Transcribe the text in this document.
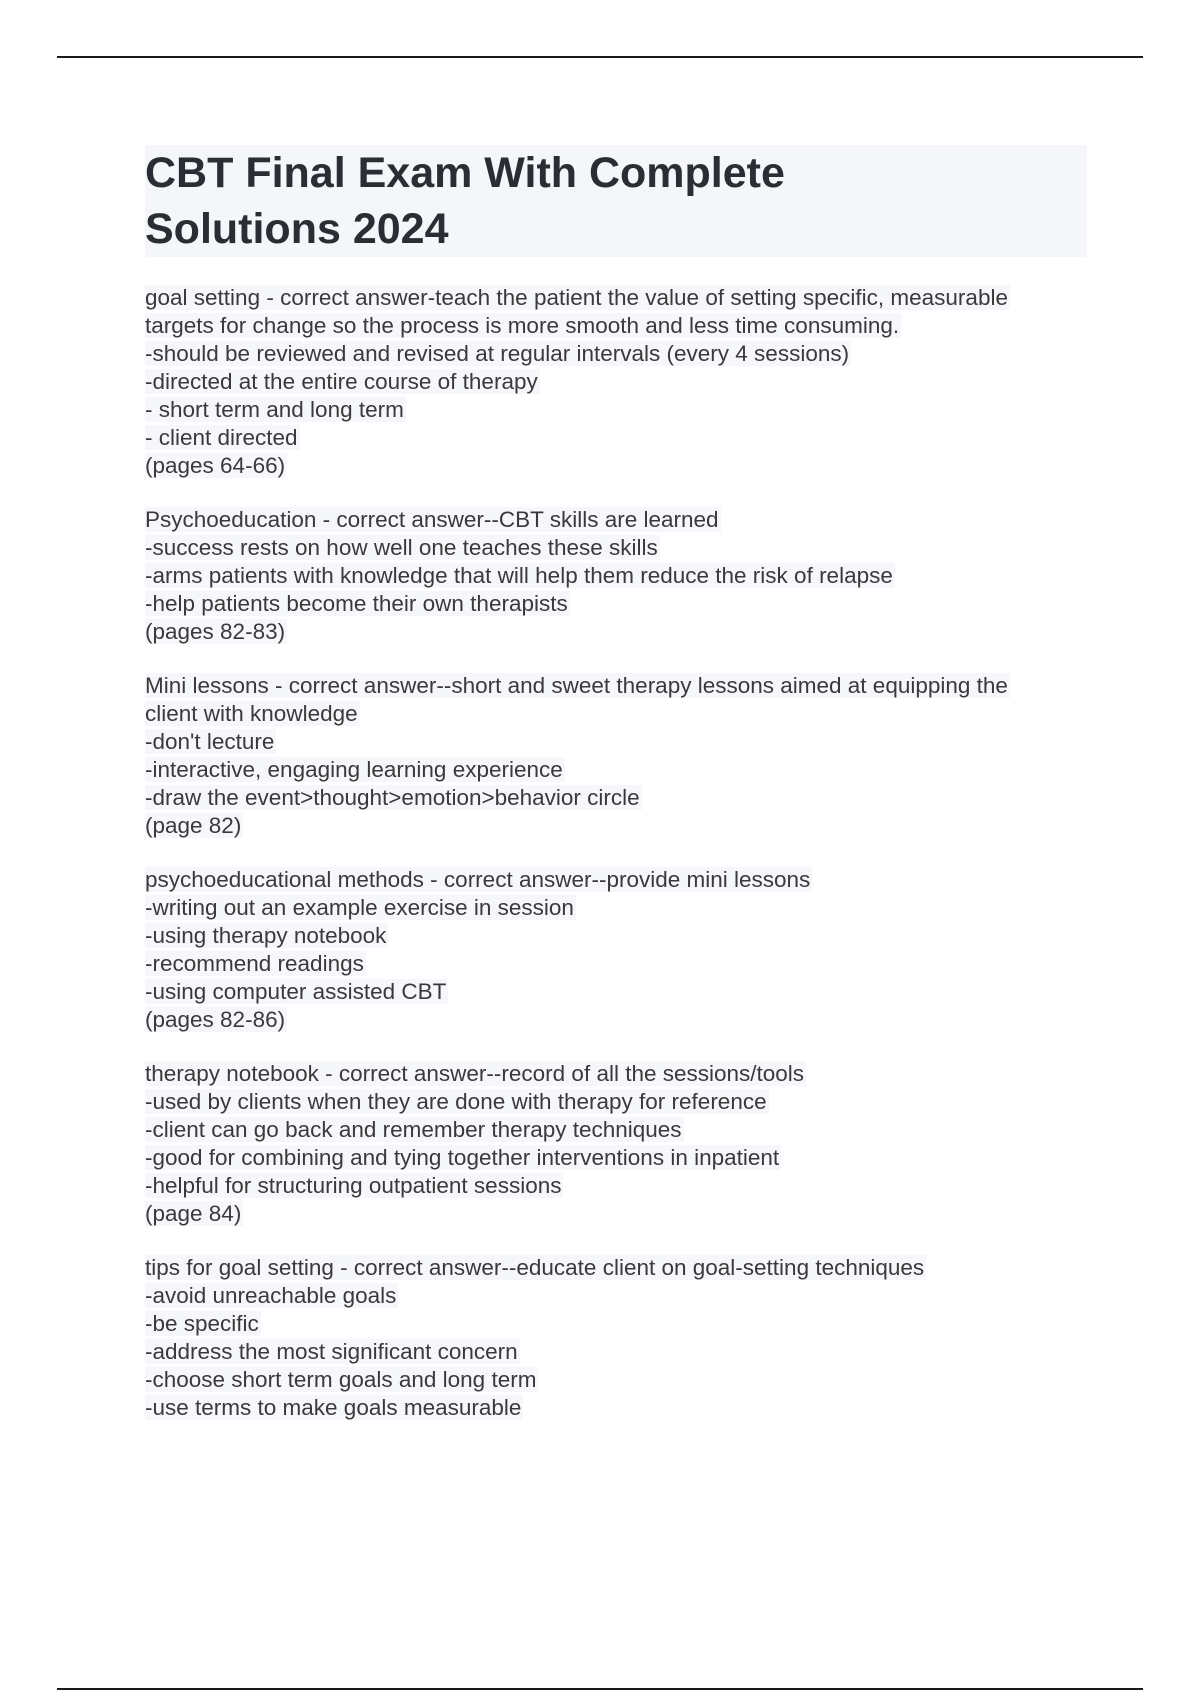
CBT Final Exam With Complete
Solutions 2024
goal setting - correct answer-teach the patient the value of setting specific, measurable
targets for change so the process is more smooth and less time consuming.
-should be reviewed and revised at regular intervals (every 4 sessions)
-directed at the entire course of therapy
- short term and long term
- client directed
(pages 64-66)
Psychoeducation - correct answer--CBT skills are learned
-success rests on how well one teaches these skills
-arms patients with knowledge that will help them reduce the risk of relapse
-help patients become their own therapists
(pages 82-83)
Mini lessons - correct answer--short and sweet therapy lessons aimed at equipping the
client with knowledge
-don't lecture
-interactive, engaging learning experience
-draw the event>thought>emotion>behavior circle
(page 82)
psychoeducational methods - correct answer--provide mini lessons
-writing out an example exercise in session
-using therapy notebook
-recommend readings
-using computer assisted CBT
(pages 82-86)
therapy notebook - correct answer--record of all the sessions/tools
-used by clients when they are done with therapy for reference
-client can go back and remember therapy techniques
-good for combining and tying together interventions in inpatient
-helpful for structuring outpatient sessions
(page 84)
tips for goal setting - correct answer--educate client on goal-setting techniques
-avoid unreachable goals
-be specific
-address the most significant concern
-choose short term goals and long term
-use terms to make goals measurable
